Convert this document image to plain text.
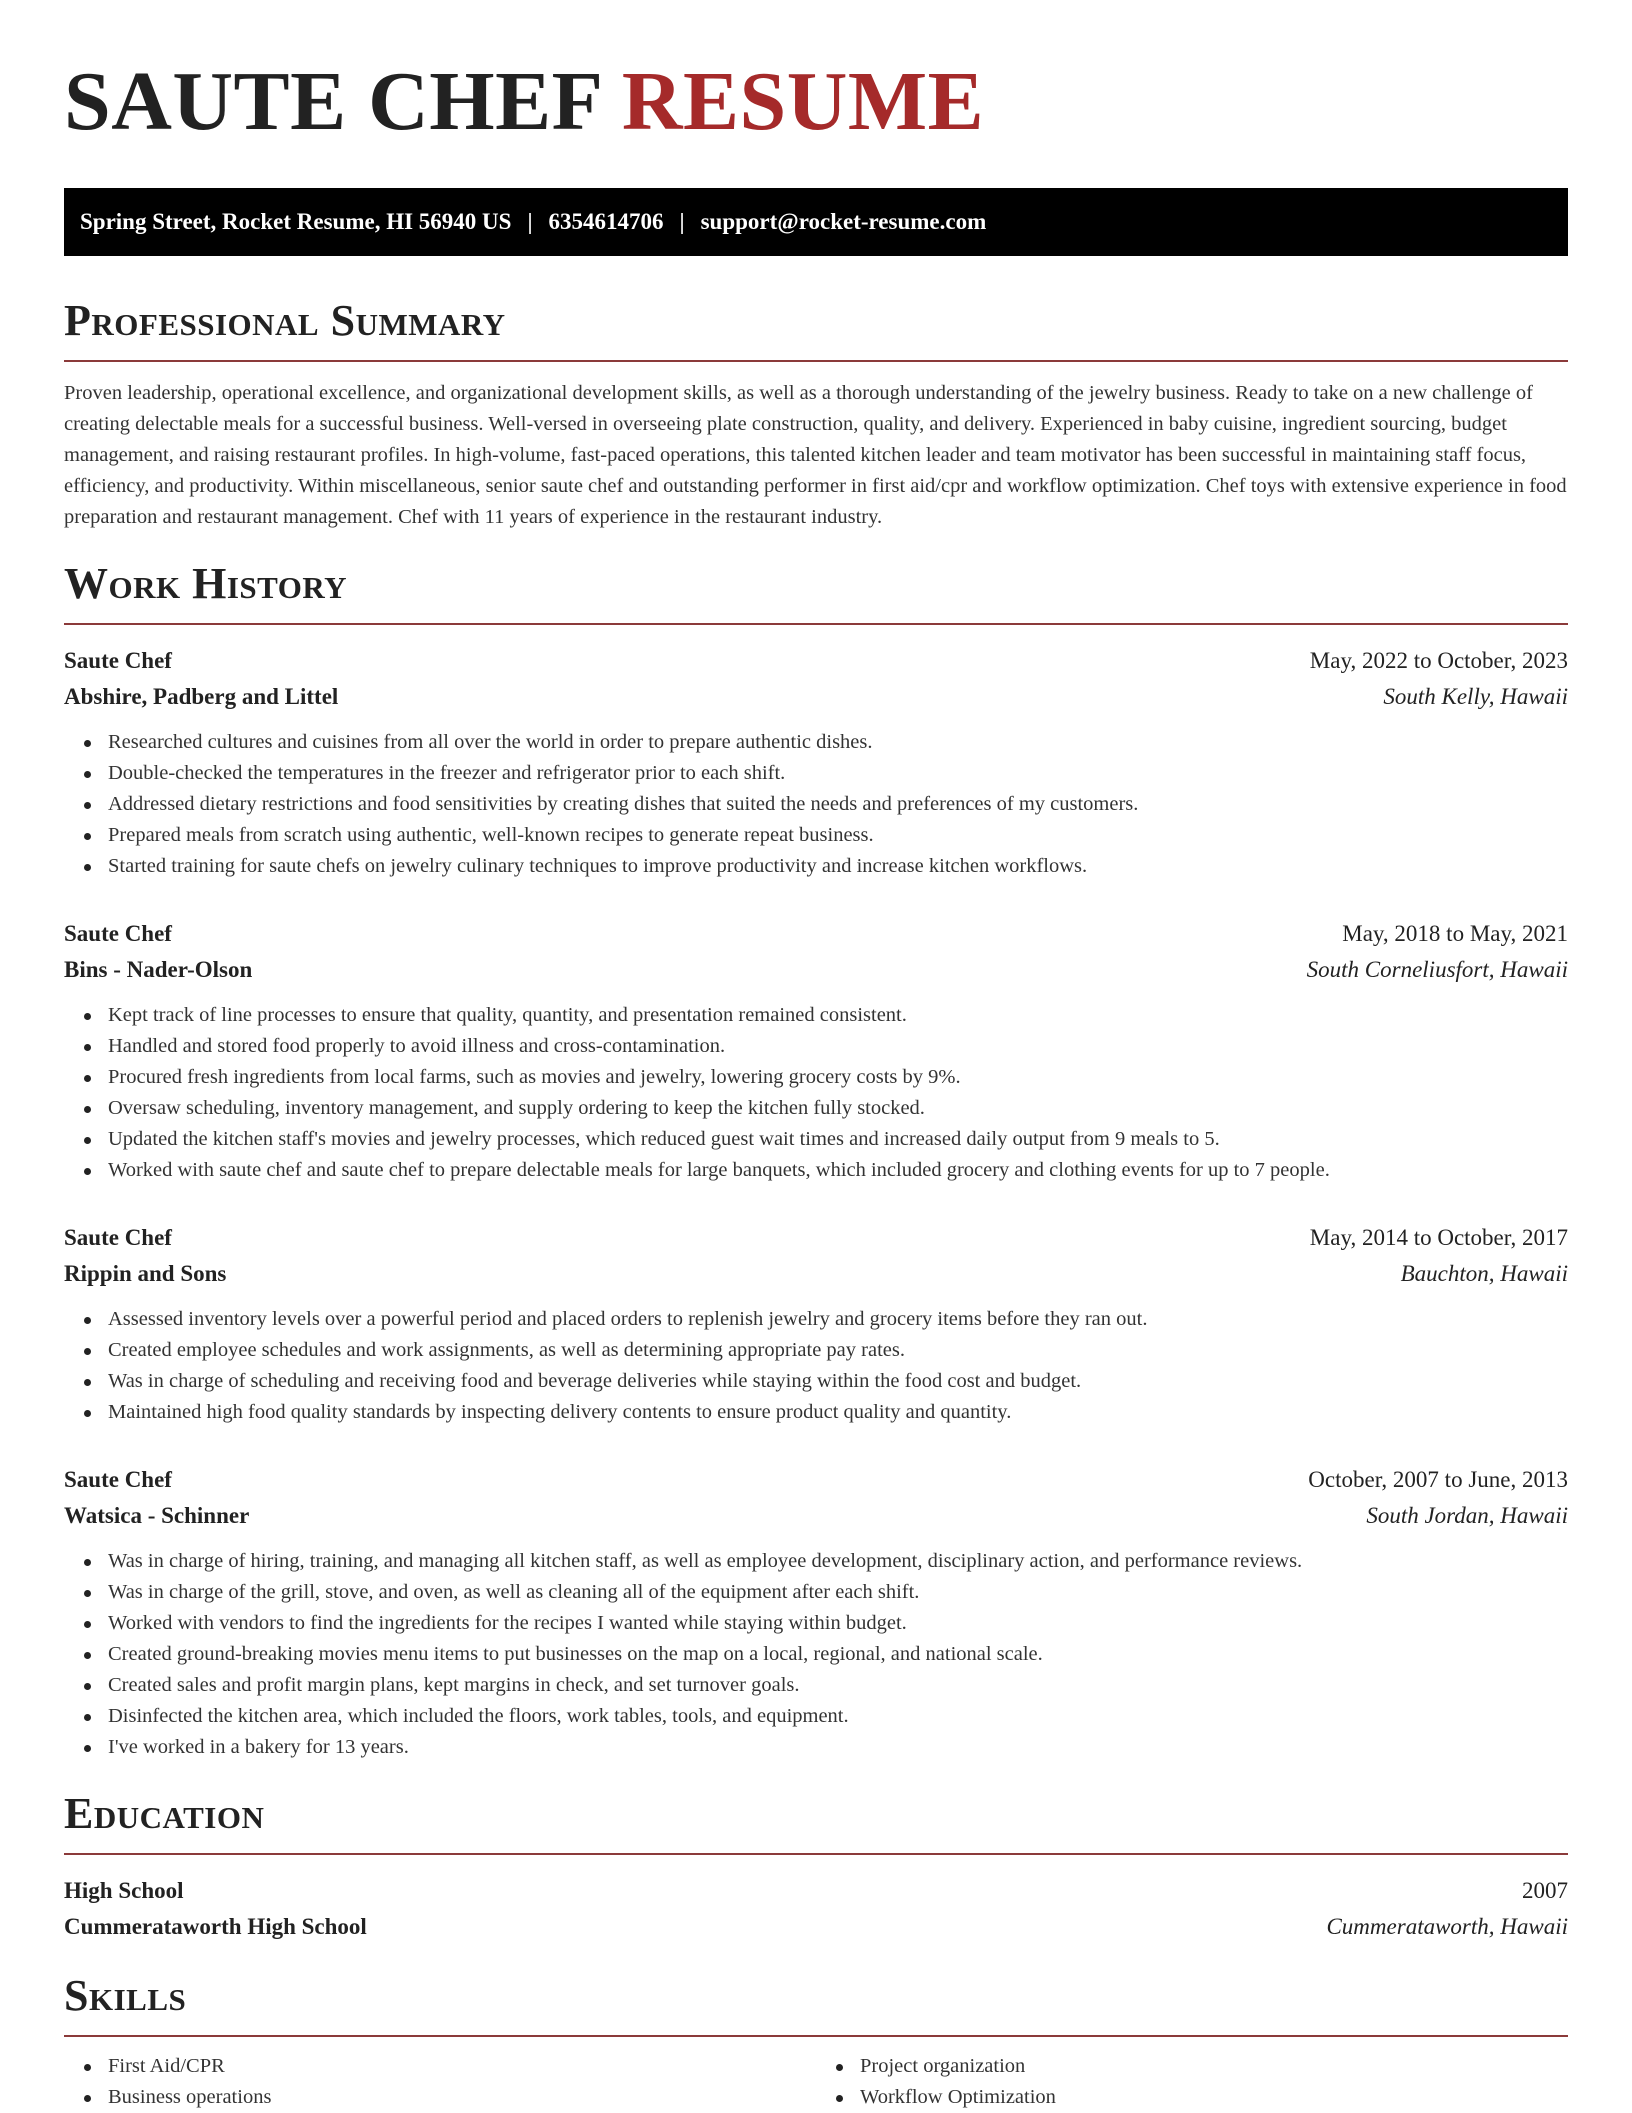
SAUTE CHEF RESUME
Spring Street, Rocket Resume, HI 56940 US | 6354614706 | support@rocket-resume.com
Professional Summary

Proven leadership, operational excellence, and organizational development skills, as well as a thorough understanding of the jewelry business. Ready to take on a new challenge of creating delectable meals for a successful business. Well-versed in overseeing plate construction, quality, and delivery. Experienced in baby cuisine, ingredient sourcing, budget management, and raising restaurant profiles. In high-volume, fast-paced operations, this talented kitchen leader and team motivator has been successful in maintaining staff focus, efficiency, and productivity. Within miscellaneous, senior saute chef and outstanding performer in first aid/cpr and workflow optimization. Chef toys with extensive experience in food preparation and restaurant management. Chef with 11 years of experience in the restaurant industry.

Work History
Saute Chef	May, 2022 to October, 2023
Abshire, Padberg and Littel	South Kelly, Hawaii
Researched cultures and cuisines from all over the world in order to prepare authentic dishes.
Double-checked the temperatures in the freezer and refrigerator prior to each shift.
Addressed dietary restrictions and food sensitivities by creating dishes that suited the needs and preferences of my customers.
Prepared meals from scratch using authentic, well-known recipes to generate repeat business.
Started training for saute chefs on jewelry culinary techniques to improve productivity and increase kitchen workflows.
Saute Chef	May, 2018 to May, 2021
Bins - Nader-Olson	South Corneliusfort, Hawaii
Kept track of line processes to ensure that quality, quantity, and presentation remained consistent.
Handled and stored food properly to avoid illness and cross-contamination.
Procured fresh ingredients from local farms, such as movies and jewelry, lowering grocery costs by 9%.
Oversaw scheduling, inventory management, and supply ordering to keep the kitchen fully stocked.
Updated the kitchen staff's movies and jewelry processes, which reduced guest wait times and increased daily output from 9 meals to 5.
Worked with saute chef and saute chef to prepare delectable meals for large banquets, which included grocery and clothing events for up to 7 people.
Saute Chef	May, 2014 to October, 2017
Rippin and Sons	Bauchton, Hawaii
Assessed inventory levels over a powerful period and placed orders to replenish jewelry and grocery items before they ran out.
Created employee schedules and work assignments, as well as determining appropriate pay rates.
Was in charge of scheduling and receiving food and beverage deliveries while staying within the food cost and budget.
Maintained high food quality standards by inspecting delivery contents to ensure product quality and quantity.
Saute Chef	October, 2007 to June, 2013
Watsica - Schinner	South Jordan, Hawaii
Was in charge of hiring, training, and managing all kitchen staff, as well as employee development, disciplinary action, and performance reviews.
Was in charge of the grill, stove, and oven, as well as cleaning all of the equipment after each shift.
Worked with vendors to find the ingredients for the recipes I wanted while staying within budget.
Created ground-breaking movies menu items to put businesses on the map on a local, regional, and national scale.
Created sales and profit margin plans, kept margins in check, and set turnover goals.
Disinfected the kitchen area, which included the floors, work tables, tools, and equipment.
I've worked in a bakery for 13 years.
Education
High School	2007
Cummerataworth High School	Cummerataworth, Hawaii
Skills
First Aid/CPR
Business operations
Project organization
Workflow Optimization
